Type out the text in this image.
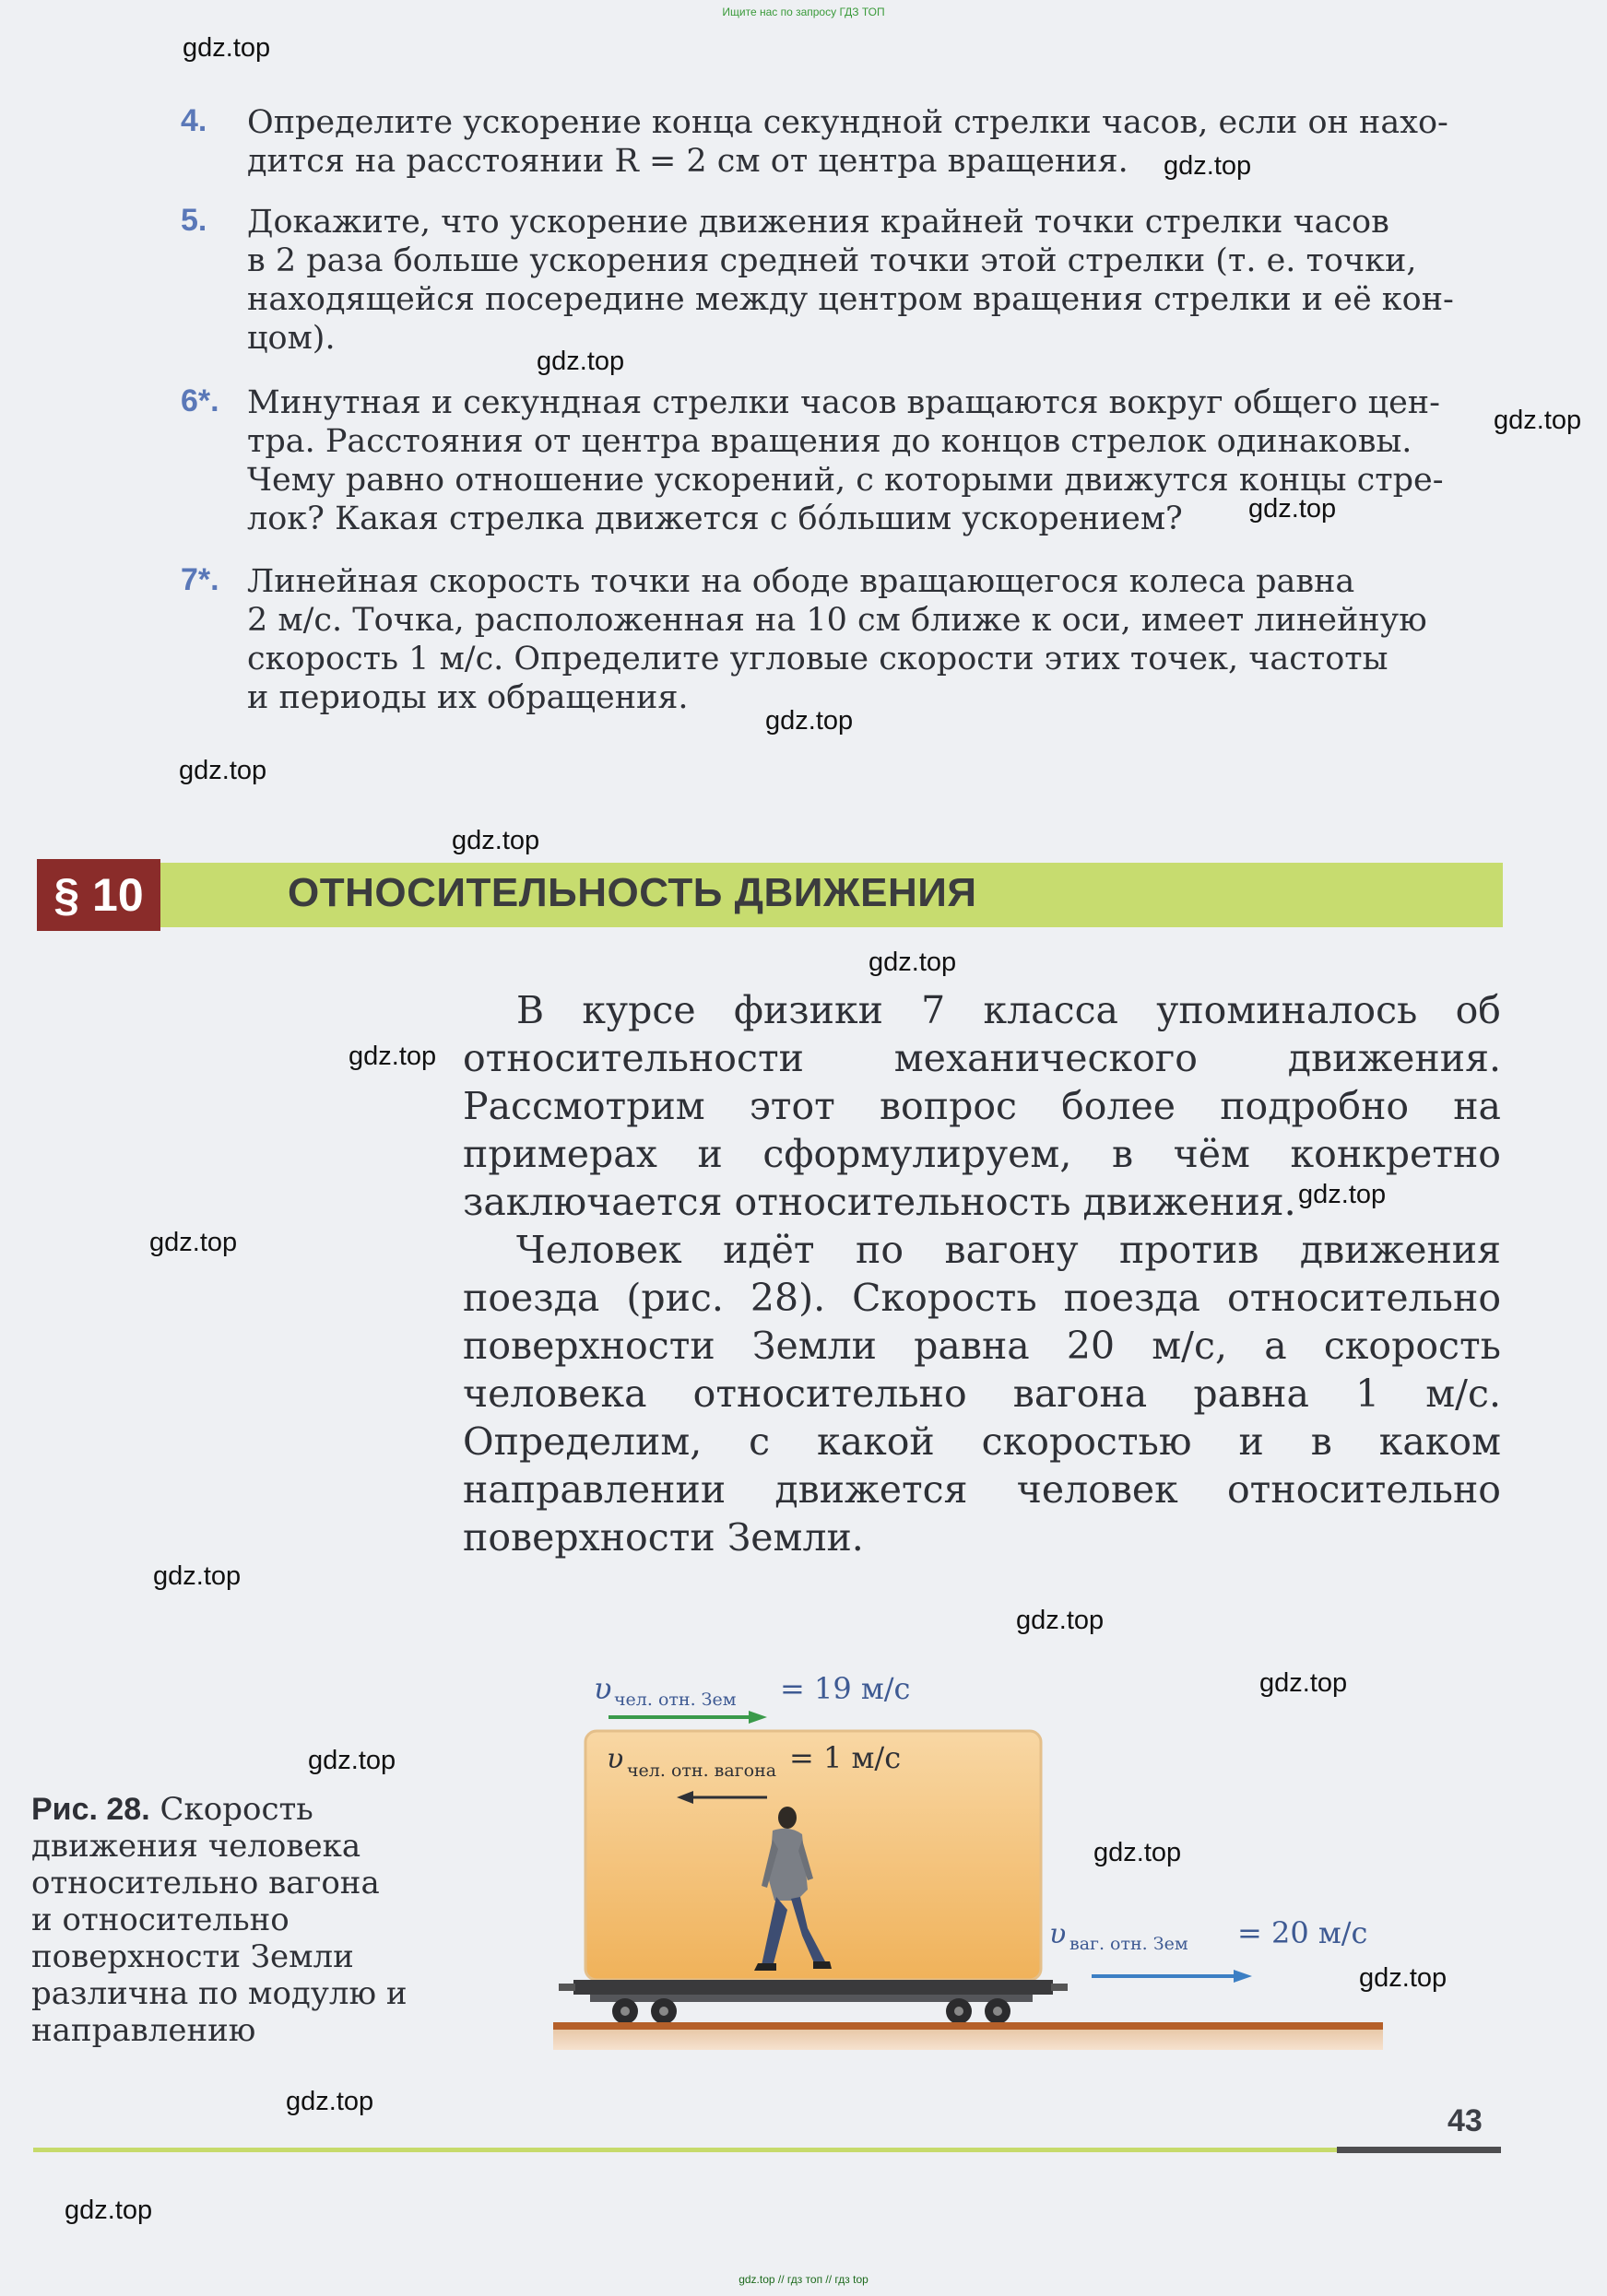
Ищите нас по запросу ГДЗ ТОП
gdz.top
gdz.top
gdz.top
gdz.top
gdz.top
gdz.top
gdz.top
gdz.top
gdz.top
gdz.top
gdz.top
gdz.top
gdz.top
gdz.top
gdz.top
gdz.top
gdz.top
gdz.top
gdz.top
gdz.top
4. Определите ускорение конца секундной стрелки часов, если он нахо-

дится на расстоянии R = 2 см от центра вращения.

5. Докажите, что ускорение движения крайней точки стрелки часов

в 2 раза больше ускорения средней точки этой стрелки (т. е. точки,

находящейся посередине между центром вращения стрелки и её кон-

цом).

6*. Минутная и секундная стрелки часов вращаются вокруг общего цен-

тра. Расстояния от центра вращения до концов стрелок одинаковы.

Чему равно отношение ускорений, с которыми движутся концы стре-

лок? Какая стрелка движется с бо́льшим ускорением?

7*. Линейная скорость точки на ободе вращающегося колеса равна

2 м/с. Точка, расположенная на 10 см ближе к оси, имеет линейную

скорость 1 м/с. Определите угловые скорости этих точек, частоты

и периоды их обращения.

§ 10	ОТНОСИТЕЛЬНОСТЬ ДВИЖЕНИЯ

В курсе физики 7 класса упоминалось об относительности механического движения. Рассмотрим этот вопрос более подробно на примерах и сформулируем, в чём конкретно заключается относительность движения.

Человек идёт по вагону против движения поезда (рис. 28). Скорость поезда относительно поверхности Земли равна 20 м/с, а скорость человека относительно вагона равна 1 м/с. Определим, с какой скоростью и в каком направлении движется человек относительно поверхности Земли.

υ чел. отн. Зем = 19 м/с
υ чел. отн. вагона = 1 м/с
υ ваг. отн. Зем = 20 м/с
Рис. 28. Скорость движения человека относительно вагона и относительно поверхности Земли различна по модулю и направлению
43
gdz.top // гдз топ // гдз top
